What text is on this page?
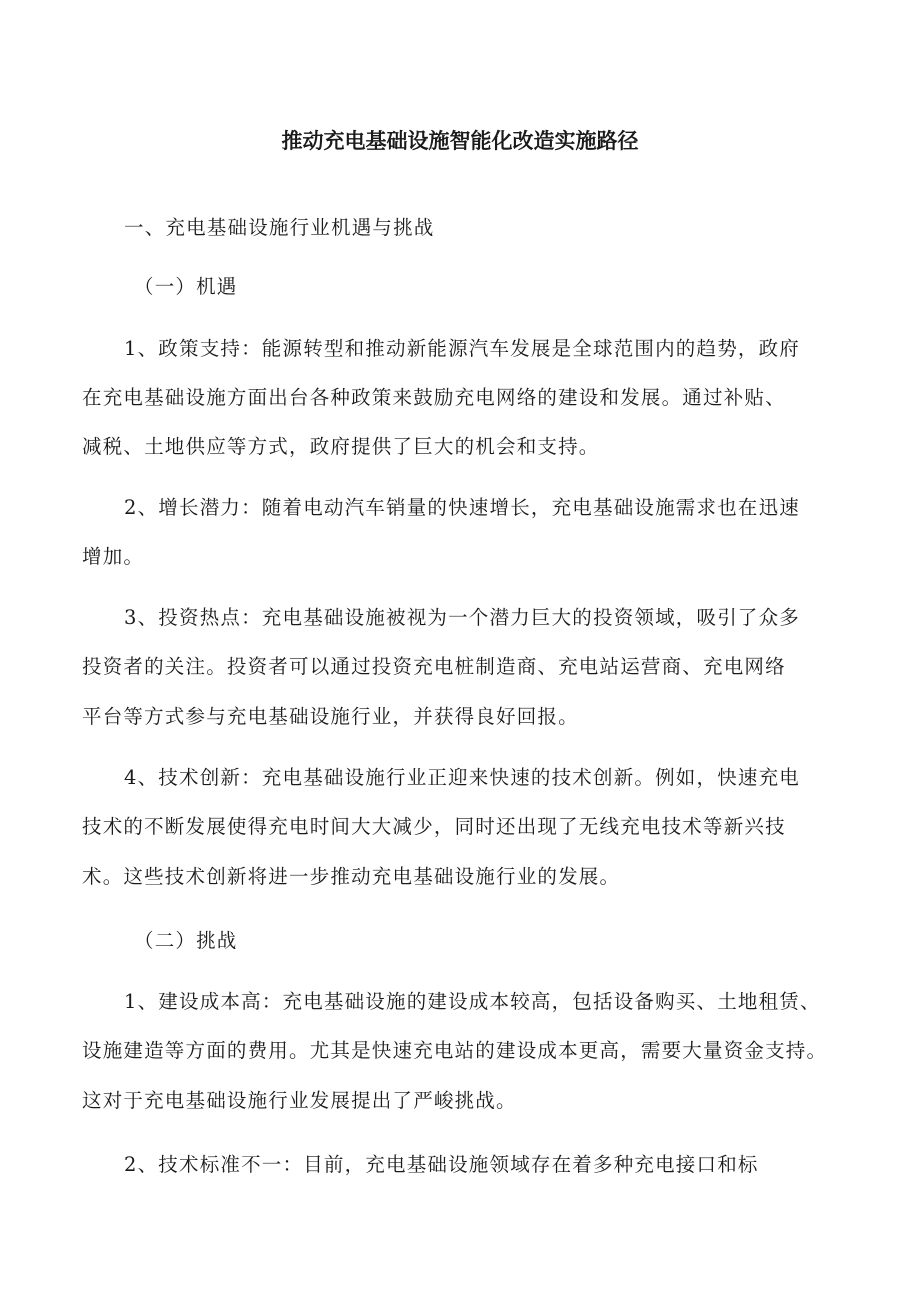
推动充电基础设施智能化改造实施路径
一、充电基础设施行业机遇与挑战
（一）机遇
1、政策支持：能源转型和推动新能源汽车发展是全球范围内的趋势，政府
在充电基础设施方面出台各种政策来鼓励充电网络的建设和发展。通过补贴、
减税、土地供应等方式，政府提供了巨大的机会和支持。
2、增长潜力：随着电动汽车销量的快速增长，充电基础设施需求也在迅速
增加。
3、投资热点：充电基础设施被视为一个潜力巨大的投资领域，吸引了众多
投资者的关注。投资者可以通过投资充电桩制造商、充电站运营商、充电网络
平台等方式参与充电基础设施行业，并获得良好回报。
4、技术创新：充电基础设施行业正迎来快速的技术创新。例如，快速充电
技术的不断发展使得充电时间大大减少，同时还出现了无线充电技术等新兴技
术。这些技术创新将进一步推动充电基础设施行业的发展。
（二）挑战
1、建设成本高：充电基础设施的建设成本较高，包括设备购买、土地租赁、
设施建造等方面的费用。尤其是快速充电站的建设成本更高，需要大量资金支持。
这对于充电基础设施行业发展提出了严峻挑战。
2、技术标准不一：目前，充电基础设施领域存在着多种充电接口和标
